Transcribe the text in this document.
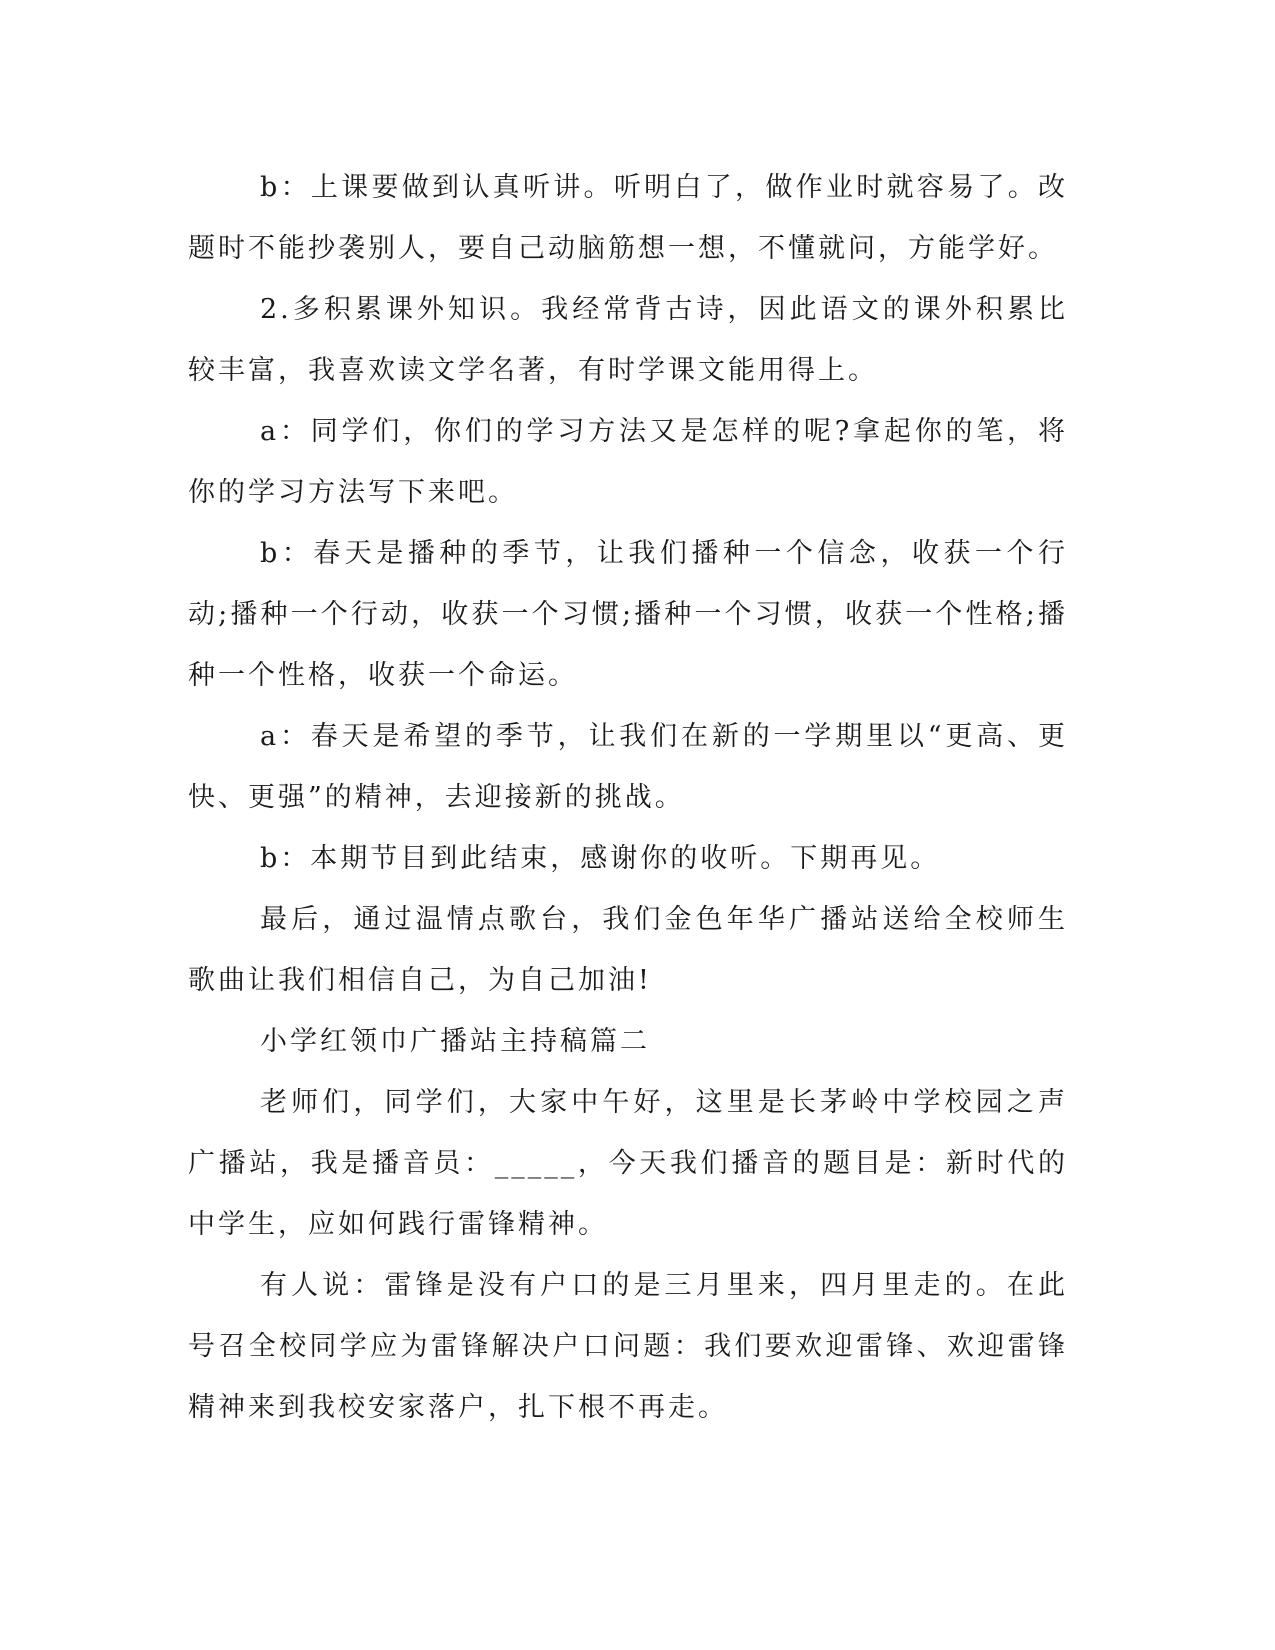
b：上课要做到认真听讲。听明白了，做作业时就容易了。改题时不能抄袭别人，要自己动脑筋想一想，不懂就问，方能学好。

2.多积累课外知识。我经常背古诗，因此语文的课外积累比较丰富，我喜欢读文学名著，有时学课文能用得上。

a：同学们，你们的学习方法又是怎样的呢?拿起你的笔，将你的学习方法写下来吧。

b：春天是播种的季节，让我们播种一个信念，收获一个行动;播种一个行动，收获一个习惯;播种一个习惯，收获一个性格;播种一个性格，收获一个命运。

a：春天是希望的季节，让我们在新的一学期里以“更高、更快、更强”的精神，去迎接新的挑战。

b：本期节目到此结束，感谢你的收听。下期再见。

最后，通过温情点歌台，我们金色年华广播站送给全校师生歌曲让我们相信自己，为自己加油!

小学红领巾广播站主持稿篇二

老师们，同学们，大家中午好，这里是长茅岭中学校园之声广播站，我是播音员：_____，今天我们播音的题目是：新时代的中学生，应如何践行雷锋精神。

有人说：雷锋是没有户口的是三月里来，四月里走的。在此号召全校同学应为雷锋解决户口问题：我们要欢迎雷锋、欢迎雷锋精神来到我校安家落户，扎下根不再走。
